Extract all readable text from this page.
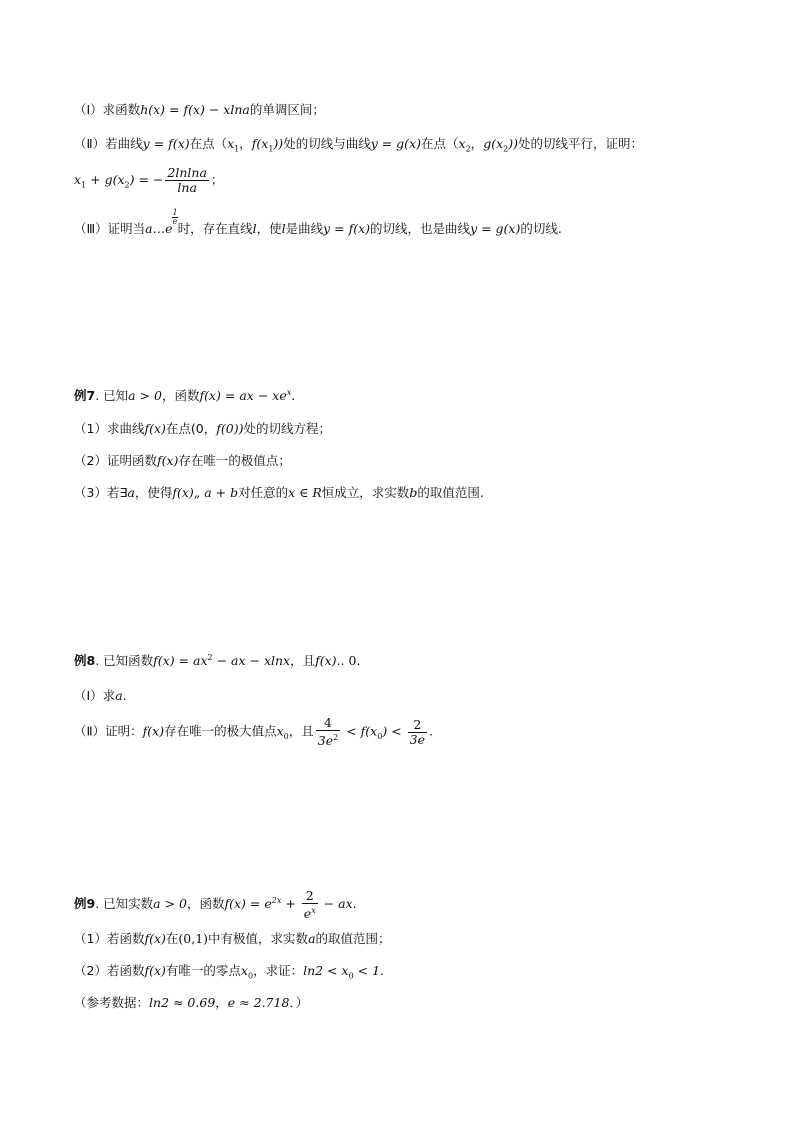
（Ⅰ）求函数h(x) = f(x) − xlna的单调区间；
（Ⅱ）若曲线y = f(x)在点（$x_1$，$f(x_1)$)处的切线与曲线y = g(x)在点（$x_2$，$g(x_2)$)处的切线平行，证明：
$x_1 + g(x_2)$ = − $\frac{2lnlna}{\ln a}$ ；
（Ⅲ）证明当a…e
$\frac{1}{e}$
时，存在直线l，使l是曲线y = f(x)的切线，也是曲线y = g(x)的切线.
例7. 已知a > 0，函数f(x) = ax − $xe^x$.
（1）求曲线f(x)在点(0，f(0))处的切线方程；
（2）证明函数f(x)存在唯一的极值点；
（3）若∃a，使得f(x)„ a + b对任意的x ∈ R恒成立，求实数b的取值范围.
例8. 已知函数$f(x) = ax^2$ − ax − xlnx，且f(x).. 0.
（Ⅰ）求a.
（Ⅱ）证明：f(x)存在唯一的极大值点$x_0$，且 $\frac{4}{3e^2} < f(x_0) < \frac{2}{3e}$ .
例9. 已知实数a > 0，函数$f(x) = e^{2x} + \frac{2}{e^x}$ − ax.
（1）若函数f(x)在(0,1)中有极值，求实数a的取值范围；
（2）若函数f(x)有唯一的零点$x_0$，求证：$\ln 2 < x_0 < 1$.
（参考数据：ln2 ≈ 0.69，e ≈ 2.718．）
